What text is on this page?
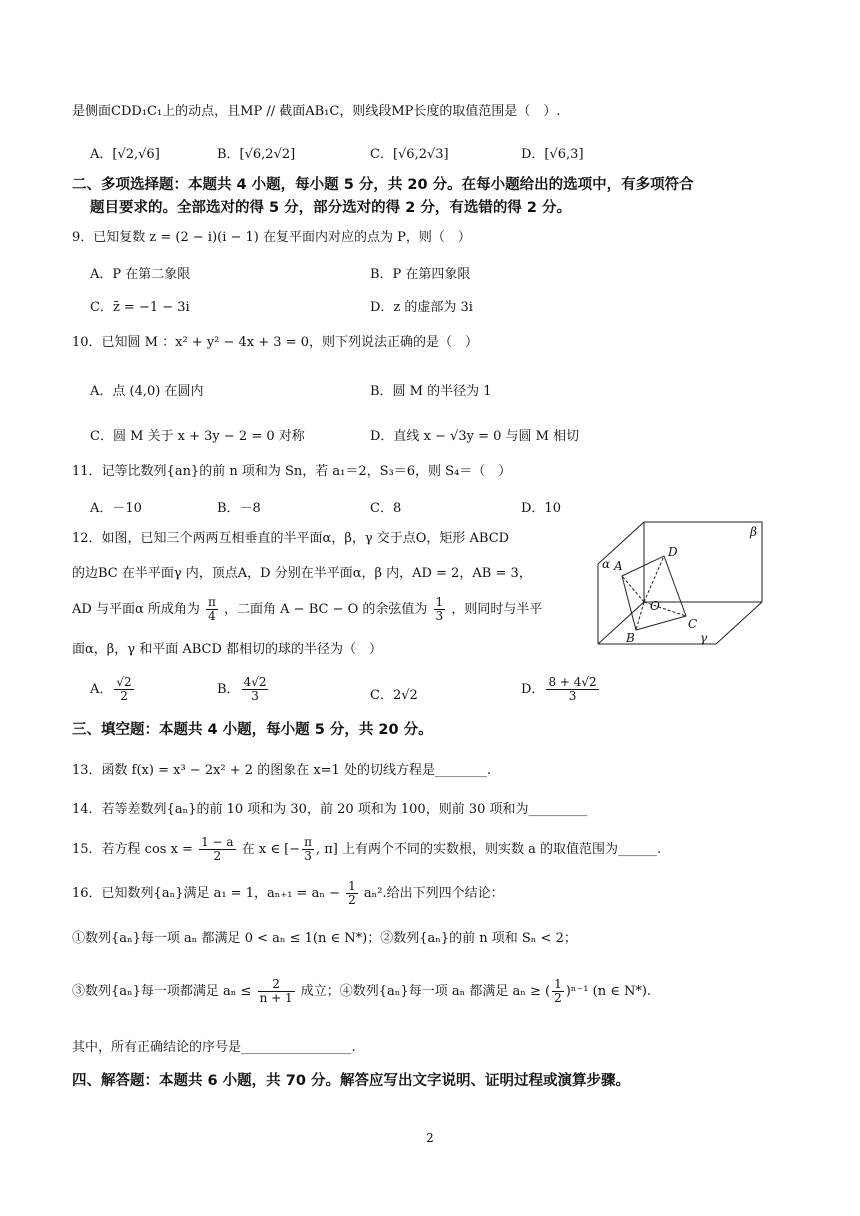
是侧面CDD₁C₁上的动点，且MP // 截面AB₁C，则线段MP长度的取值范围是（　）.
A．[√2,√6]	B．[√6,2√2]	C．[√6,2√3]	D．[√6,3]
二、多项选择题：本题共 4 小题，每小题 5 分，共 20 分。在每小题给出的选项中，有多项符合
题目要求的。全部选对的得 5 分，部分选对的得 2 分，有选错的得 2 分。
9．已知复数 z = (2 − i)(i − 1) 在复平面内对应的点为 P，则（　）
A．P 在第二象限	B．P 在第四象限
C．z̄ = −1 − 3i	D．z 的虚部为 3i
10．已知圆 M ：x² + y² − 4x + 3 = 0，则下列说法正确的是（　）
A．点 (4,0) 在圆内	B．圆 M 的半径为 1
C．圆 M 关于 x + 3y − 2 = 0 对称	D．直线 x − √3y = 0 与圆 M 相切
11．记等比数列{an}的前 n 项和为 Sn，若 a₁＝2，S₃＝6，则 S₄＝（　）
A．－10	B．－8	C．8	D．10
12．如图，已知三个两两互相垂直的半平面α，β，γ 交于点O，矩形 ABCD
的边BC 在半平面γ 内，顶点A，D 分别在半平面α，β 内，AD = 2，AB = 3，
AD 与平面α 所成角为 $\frac{\pi}{4}$ ，二面角 A − BC − O 的余弦值为 $\frac{1}{3}$ ，则同时与半平
面α，β，γ 和平面 ABCD 都相切的球的半径为（　）
A． $\frac{√2}{2}$	B． $\frac{4√2}{3}$	C．2√2	D． $\frac{8 + 4√2}{3}$
β
α
γ
A
D
O
C
B
三、填空题：本题共 4 小题，每小题 5 分，共 20 分。
13．函数 f(x) = x³ − 2x² + 2 的图象在 x=1 处的切线方程是________.
14．若等差数列{aₙ}的前 10 项和为 30，前 20 项和为 100，则前 30 项和为_________
15．若方程 $\cos x = \frac{1 - a}{2}$ 在 x ∈ [− $\frac{\pi}{3}$ , π] 上有两个不同的实数根，则实数 a 的取值范围为______.
16．已知数列{aₙ}满足 a₁ = 1，$a_{n+1} = a_n - \frac{1}{2} a_n^2$.给出下列四个结论：
①数列{aₙ}每一项 aₙ 都满足 0 < aₙ ≤ 1(n ∈ N*)；②数列{aₙ}的前 n 项和 Sₙ < 2；
③数列{aₙ}每一项都满足 $a_n \le \frac{2}{n + 1}$ 成立；④数列{aₙ}每一项 aₙ 都满足 aₙ ≥ ( $\frac{1}{2} )^{n-1}$ (n ∈ N*).
其中，所有正确结论的序号是_________________.
四、解答题：本题共 6 小题，共 70 分。解答应写出文字说明、证明过程或演算步骤。
2
